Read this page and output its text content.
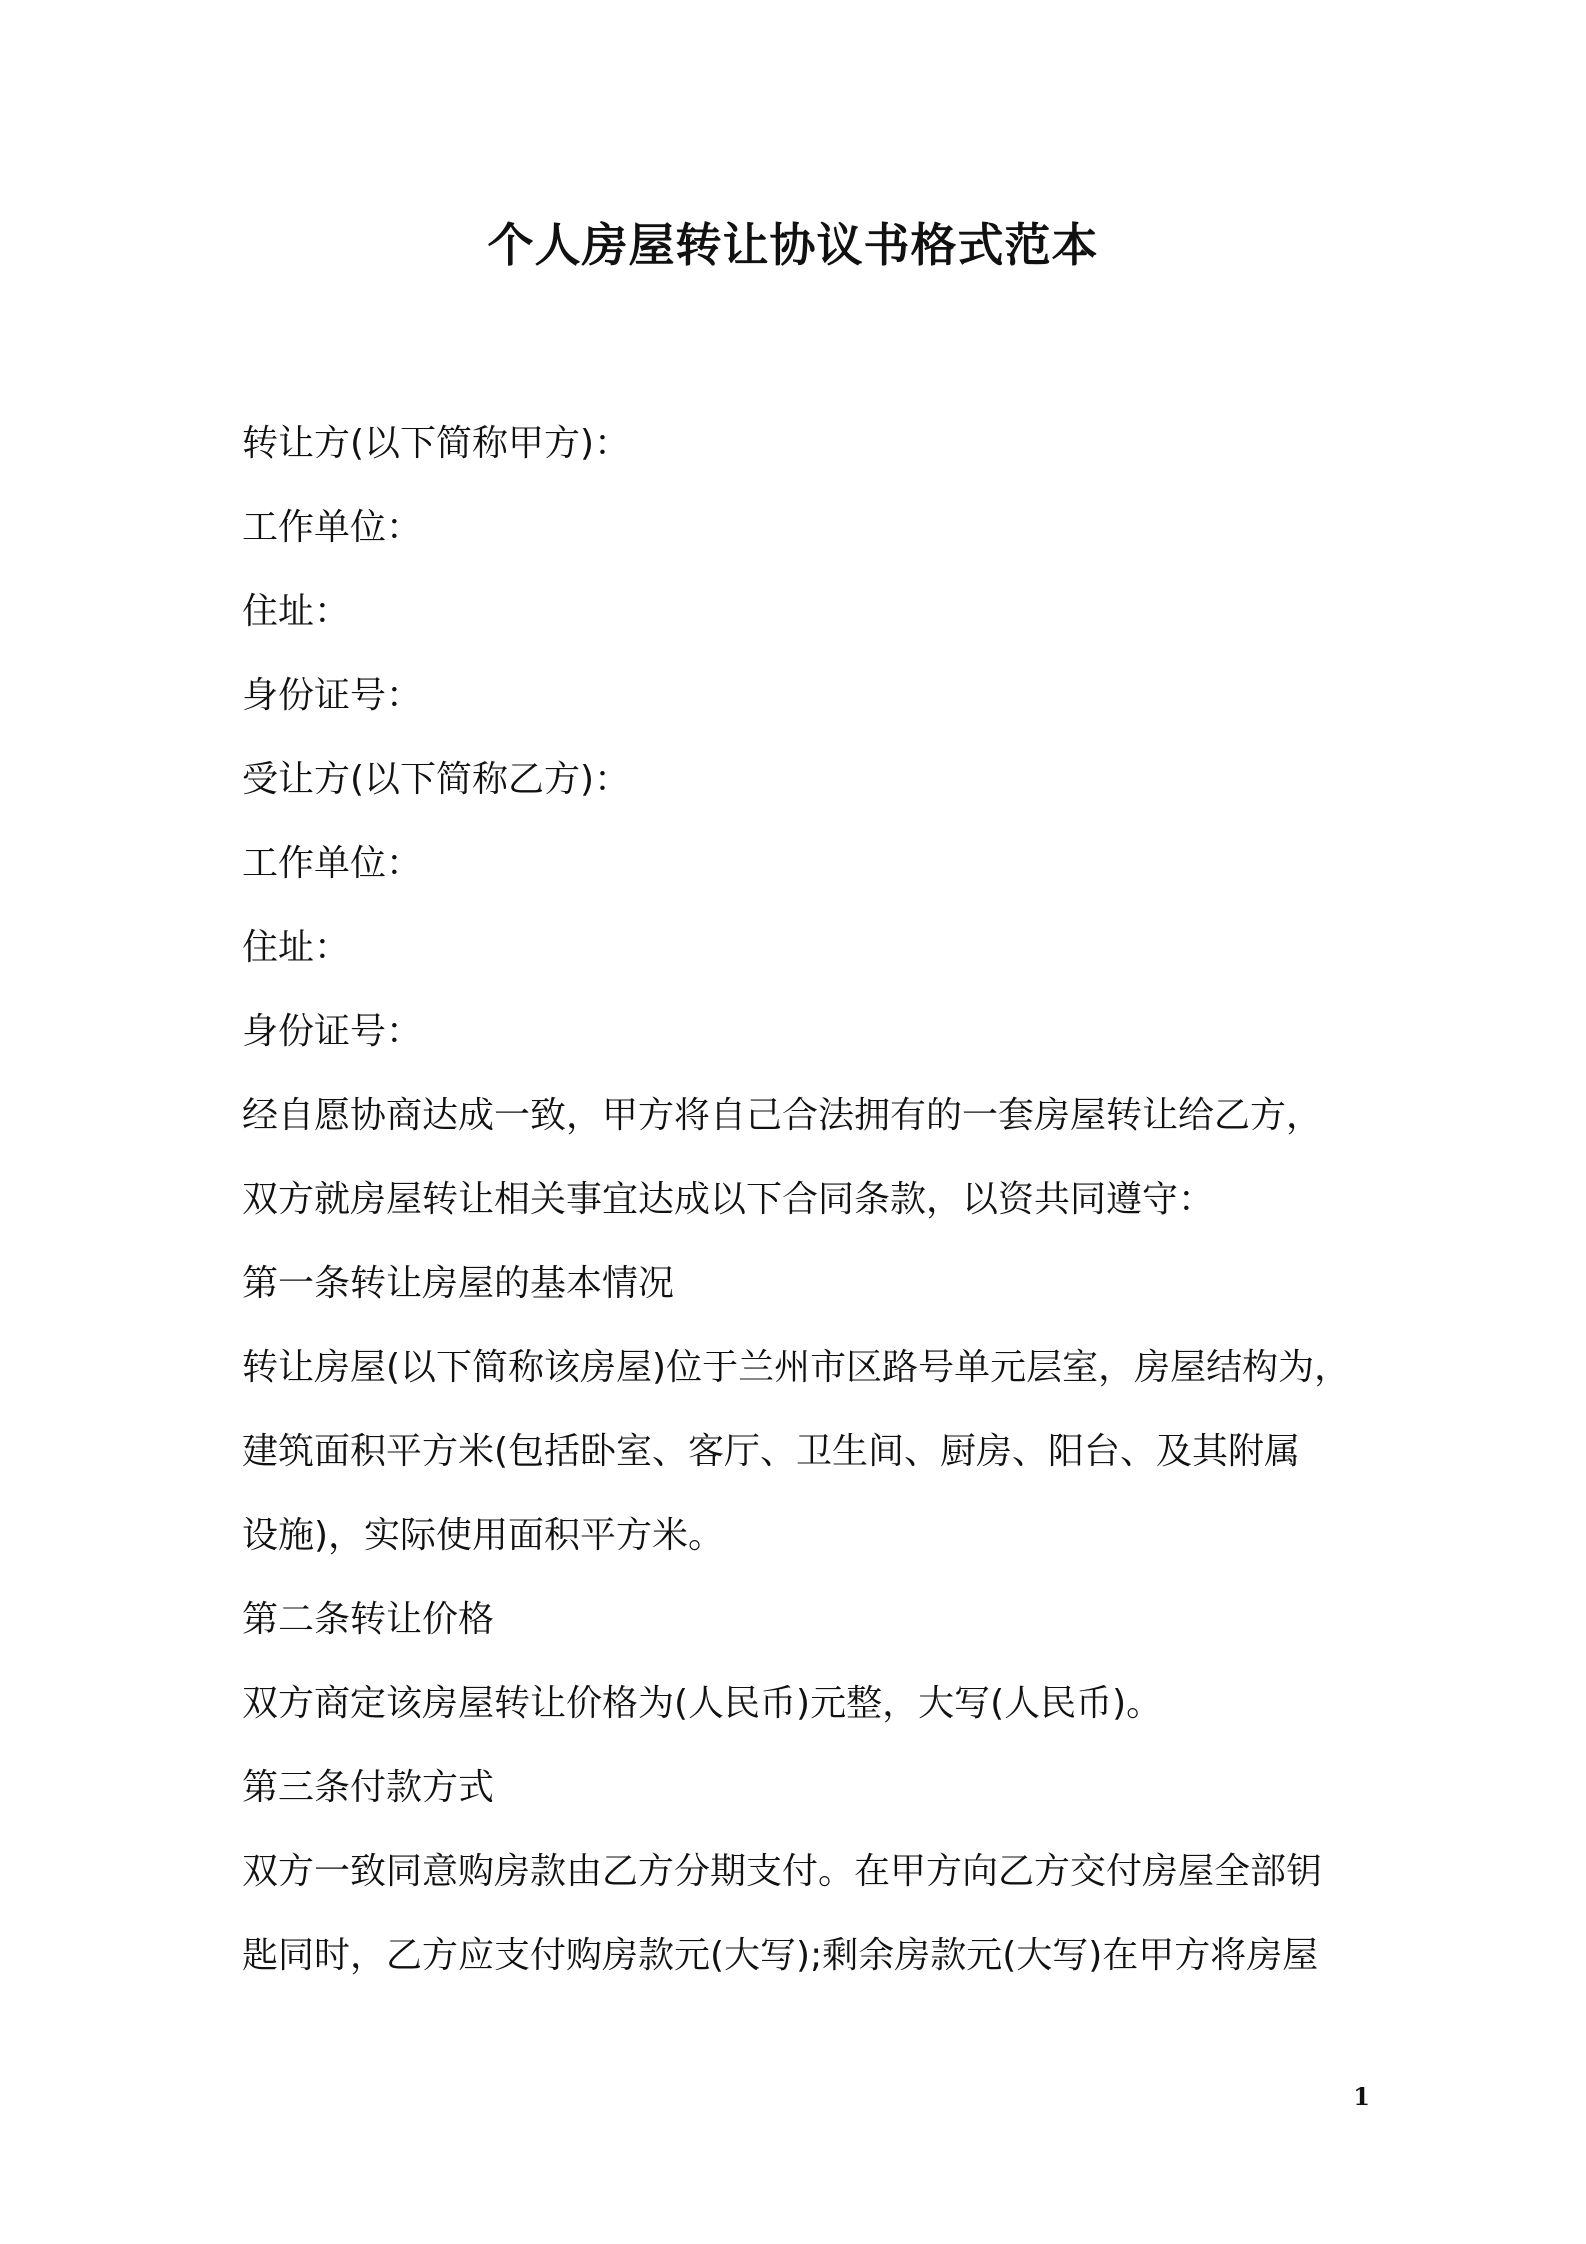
个人房屋转让协议书格式范本
转让方(以下简称甲方)：
工作单位：
住址：
身份证号：
受让方(以下简称乙方)：
工作单位：
住址：
身份证号：
经自愿协商达成一致，甲方将自己合法拥有的一套房屋转让给乙方，
双方就房屋转让相关事宜达成以下合同条款，以资共同遵守：
第一条转让房屋的基本情况
转让房屋(以下简称该房屋)位于兰州市区路号单元层室，房屋结构为，
建筑面积平方米(包括卧室、客厅、卫生间、厨房、阳台、及其附属
设施)，实际使用面积平方米。
第二条转让价格
双方商定该房屋转让价格为(人民币)元整，大写(人民币)。
第三条付款方式
双方一致同意购房款由乙方分期支付。在甲方向乙方交付房屋全部钥
匙同时，乙方应支付购房款元(大写);剩余房款元(大写)在甲方将房屋
1
